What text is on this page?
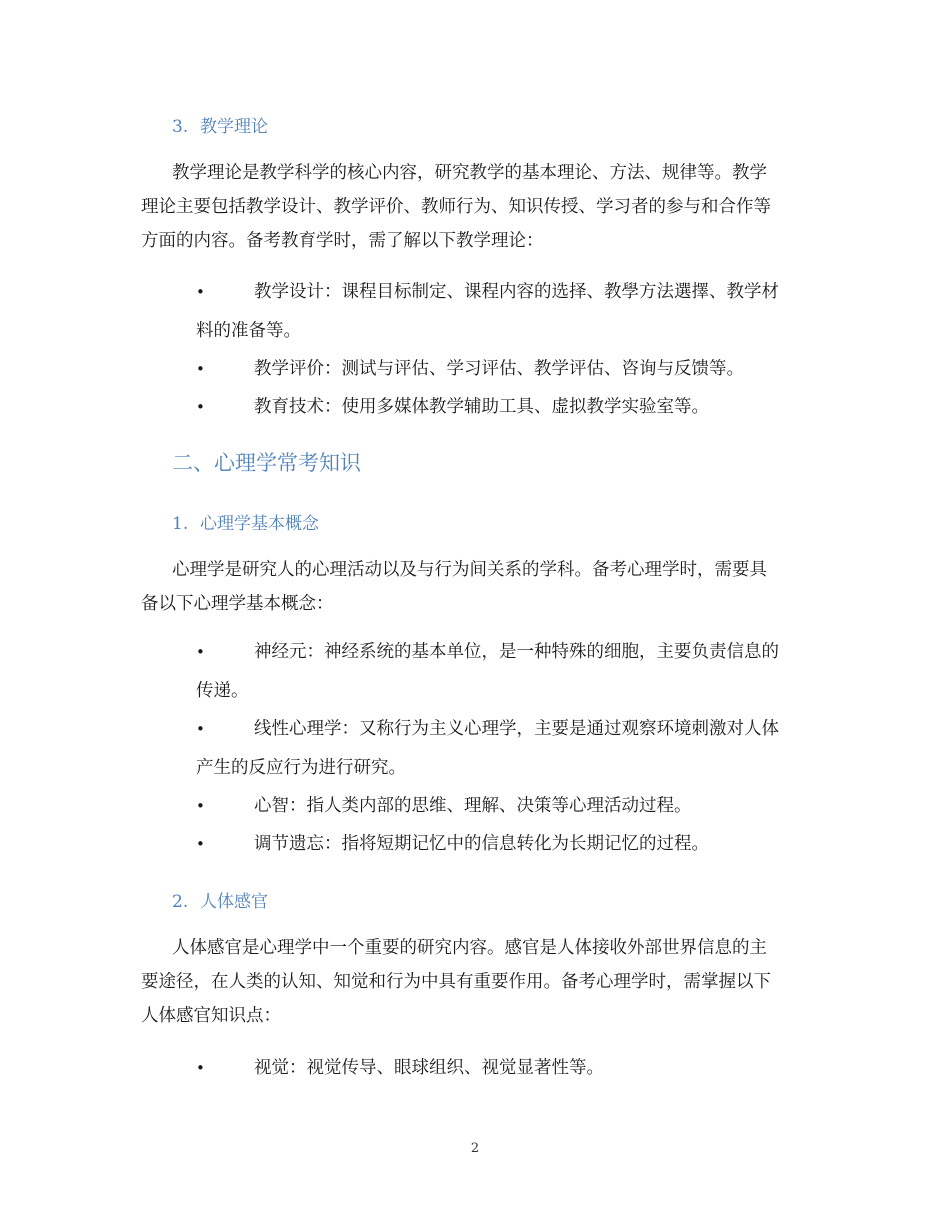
3. 教学理论
教学理论是教学科学的核心内容，研究教学的基本理论、方法、规律等。教学
理论主要包括教学设计、教学评价、教师行为、知识传授、学习者的参与和合作等
方面的内容。备考教育学时，需了解以下教学理论：
教学设计：课程目标制定、课程内容的选择、教學方法選擇、教学材
料的准备等。
教学评价：测试与评估、学习评估、教学评估、咨询与反馈等。
教育技术：使用多媒体教学辅助工具、虚拟教学实验室等。
二、心理学常考知识
1. 心理学基本概念
心理学是研究人的心理活动以及与行为间关系的学科。备考心理学时，需要具
备以下心理学基本概念：
神经元：神经系统的基本单位，是一种特殊的细胞，主要负责信息的
传递。
线性心理学：又称行为主义心理学，主要是通过观察环境刺激对人体
产生的反应行为进行研究。
心智：指人类内部的思维、理解、决策等心理活动过程。
调节遗忘：指将短期记忆中的信息转化为长期记忆的过程。
2. 人体感官
人体感官是心理学中一个重要的研究内容。感官是人体接收外部世界信息的主
要途径，在人类的认知、知觉和行为中具有重要作用。备考心理学时，需掌握以下
人体感官知识点：
视觉：视觉传导、眼球组织、视觉显著性等。
2
